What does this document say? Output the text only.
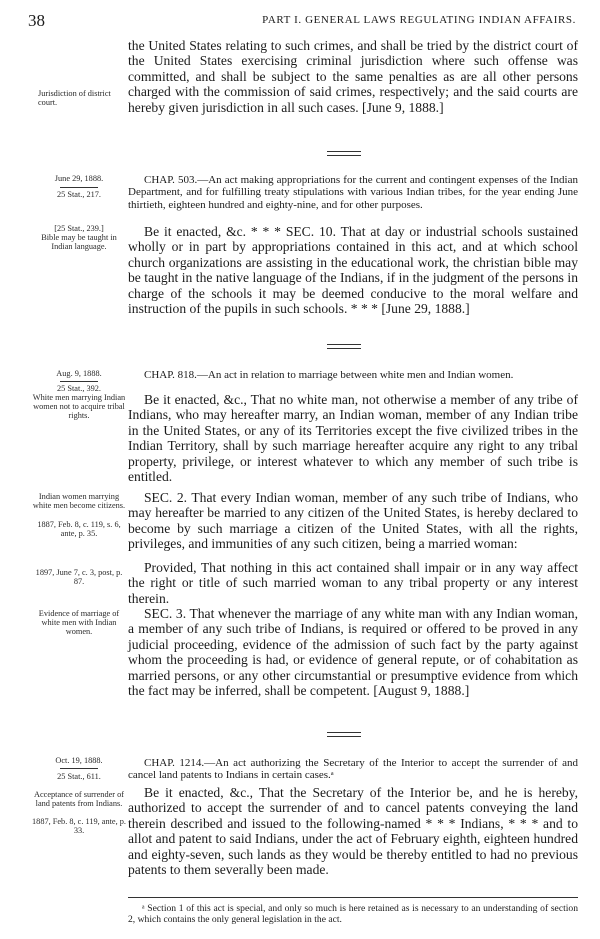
38	PART I. GENERAL LAWS REGULATING INDIAN AFFAIRS.

the United States relating to such crimes, and shall be tried by the district court of the United States exercising criminal jurisdiction where such offense was committed, and shall be subject to the same penalties as are all other persons charged with the commission of said crimes, respectively; and the said courts are hereby given jurisdiction in all such cases. [June 9, 1888.]

Jurisdiction of district court.

CHAP. 503.—An act making appropriations for the current and contingent expenses of the Indian Department, and for fulfilling treaty stipulations with various Indian tribes, for the year ending June thirtieth, eighteen hundred and eighty-nine, and for other purposes.

Be it enacted, &c. * * * SEC. 10. That at day or industrial schools sustained wholly or in part by appropriations contained in this act, and at which school church organizations are assisting in the educational work, the christian bible may be taught in the native language of the Indians, if in the judgment of the persons in charge of the schools it may be deemed conducive to the moral welfare and instruction of the pupils in such schools. * * * [June 29, 1888.]

June 29, 1888.

25 Stat., 217.

[25 Stat., 239.]

Bible may be taught in Indian language.

CHAP. 818.—An act in relation to marriage between white men and Indian women.

Be it enacted, &c., That no white man, not otherwise a member of any tribe of Indians, who may hereafter marry, an Indian woman, member of any Indian tribe in the United States, or any of its Territories except the five civilized tribes in the Indian Territory, shall by such marriage hereafter acquire any right to any tribal property, privilege, or interest whatever to which any member of such tribe is entitled.

SEC. 2. That every Indian woman, member of any such tribe of Indians, who may hereafter be married to any citizen of the United States, is hereby declared to become by such marriage a citizen of the United States, with all the rights, privileges, and immunities of any such citizen, being a married woman:

Provided, That nothing in this act contained shall impair or in any way affect the right or title of such married woman to any tribal property or any interest therein.

SEC. 3. That whenever the marriage of any white man with any Indian woman, a member of any such tribe of Indians, is required or offered to be proved in any judicial proceeding, evidence of the admission of such fact by the party against whom the proceeding is had, or evidence of general repute, or of cohabitation as married persons, or any other circumstantial or presumptive evidence from which the fact may be inferred, shall be competent. [August 9, 1888.]

Aug. 9, 1888.

25 Stat., 392.

White men marrying Indian women not to acquire tribal rights.

Indian women marrying white men become citizens.

1887, Feb. 8, c. 119, s. 6, ante, p. 35.

1897, June 7, c. 3, post, p. 87.

Evidence of marriage of white men with Indian women.

CHAP. 1214.—An act authorizing the Secretary of the Interior to accept the surrender of and cancel land patents to Indians in certain cases.ᵃ

Be it enacted, &c., That the Secretary of the Interior be, and he is hereby, authorized to accept the surrender of and to cancel patents conveying the land therein described and issued to the following-named * * * Indians, * * * and to allot and patent to said Indians, under the act of February eighth, eighteen hundred and eighty-seven, such lands as they would be thereby entitled to had no previous patents to them severally been made.

Oct. 19, 1888.

25 Stat., 611.

Acceptance of surrender of land patents from Indians.

1887, Feb. 8, c. 119, ante, p. 33.

ᵃ Section 1 of this act is special, and only so much is here retained as is necessary to an understanding of section 2, which contains the only general legislation in the act.
